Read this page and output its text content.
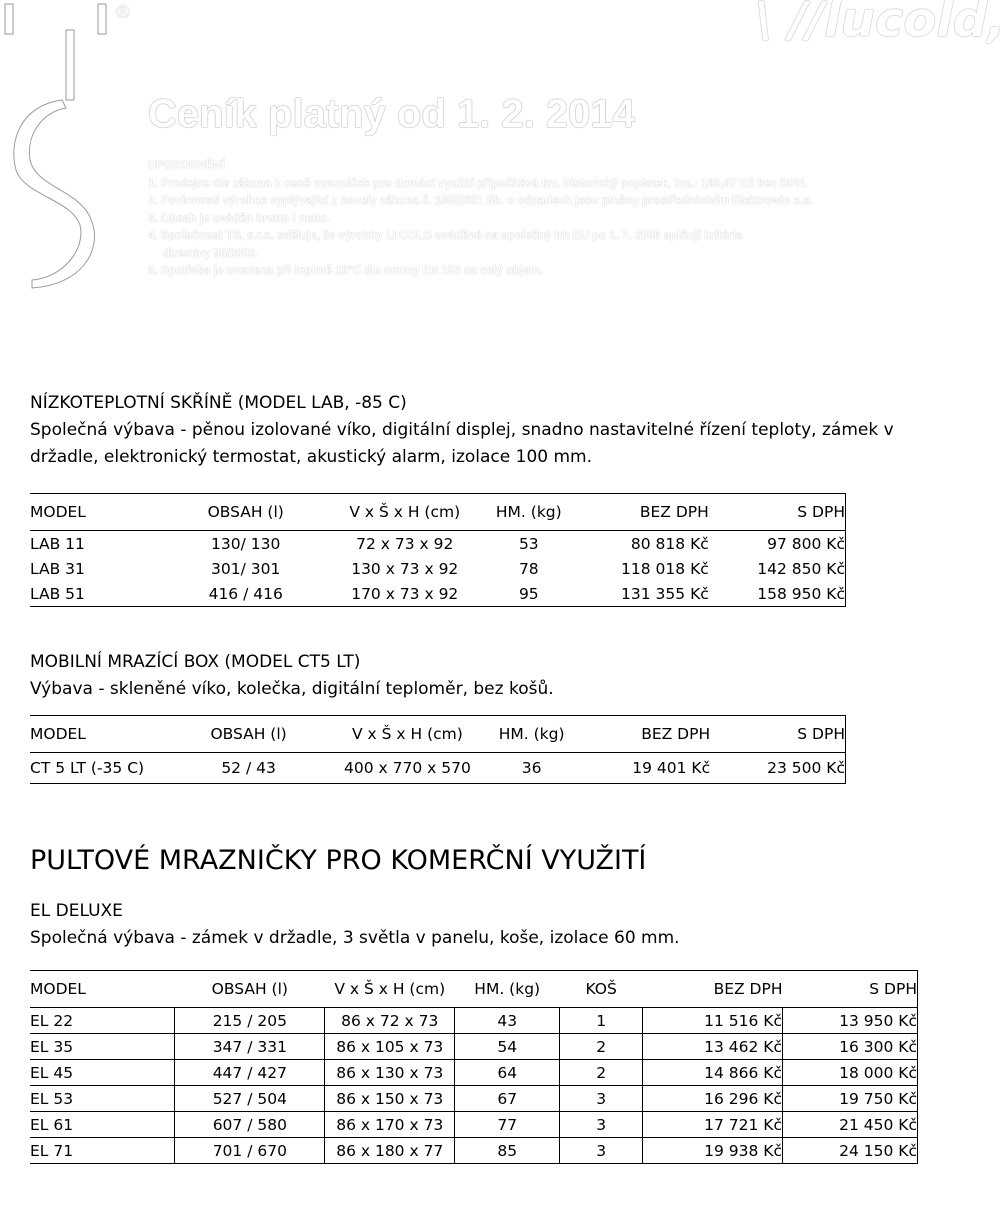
®	\ //lucold,
Ceník platný od 1. 2. 2014
UPOZORNĚNÍ
1. Prodejce dle zákona k ceně mrazniček pro domácí využití připočítává tzv. historický poplatek, tzn.: 180,07 Kč bez DPH.
2. Povinnosti výrobce vyplývající z novely zákona č. 185/2001 Sb. o odpadech jsou plněny prostřednictvím Elektrowin a.s.
3. Obsah je uváděn brutto / netto.
4. Společnost TS, s.r.o. sděluje, že výrobky LI COLD uváděné na společný trh EU po 1. 7. 2006 splňují kritéria
directivy 95/2002.
5. Spotřeba je uvedena při teplotě 18°C dle normy EN 153 na celý objem.

NÍZKOTEPLOTNÍ SKŘÍNĚ (MODEL LAB, -85 C)

Společná výbava - pěnou izolované víko, digitální displej, snadno nastavitelné řízení teploty, zámek v držadle, elektronický termostat, akustický alarm, izolace 100 mm.

MODEL	OBSAH (l)	V x Š x H (cm)	HM. (kg)	BEZ DPH	S DPH
LAB 11	130/ 130	72 x 73 x 92	53	80 818 Kč	97 800 Kč
LAB 31	301/ 301	130 x 73 x 92	78	118 018 Kč	142 850 Kč
LAB 51	416 / 416	170 x 73 x 92	95	131 355 Kč	158 950 Kč

MOBILNÍ MRAZÍCÍ BOX (MODEL CT5 LT)

Výbava - skleněné víko, kolečka, digitální teploměr, bez košů.

MODEL	OBSAH (l)	V x Š x H (cm)	HM. (kg)	BEZ DPH	S DPH
CT 5 LT (-35 C)	52 / 43	400 x 770 x 570	36	19 401 Kč	23 500 Kč

PULTOVÉ MRAZNIČKY PRO KOMERČNÍ VYUŽITÍ

EL DELUXE

Společná výbava - zámek v držadle, 3 světla v panelu, koše, izolace 60 mm.

MODEL	OBSAH (l)	V x Š x H (cm)	HM. (kg)	KOŠ	BEZ DPH	S DPH
EL 22	215 / 205	86 x 72 x 73	43	1	11 516 Kč	13 950 Kč
EL 35	347 / 331	86 x 105 x 73	54	2	13 462 Kč	16 300 Kč
EL 45	447 / 427	86 x 130 x 73	64	2	14 866 Kč	18 000 Kč
EL 53	527 / 504	86 x 150 x 73	67	3	16 296 Kč	19 750 Kč
EL 61	607 / 580	86 x 170 x 73	77	3	17 721 Kč	21 450 Kč
EL 71	701 / 670	86 x 180 x 77	85	3	19 938 Kč	24 150 Kč
